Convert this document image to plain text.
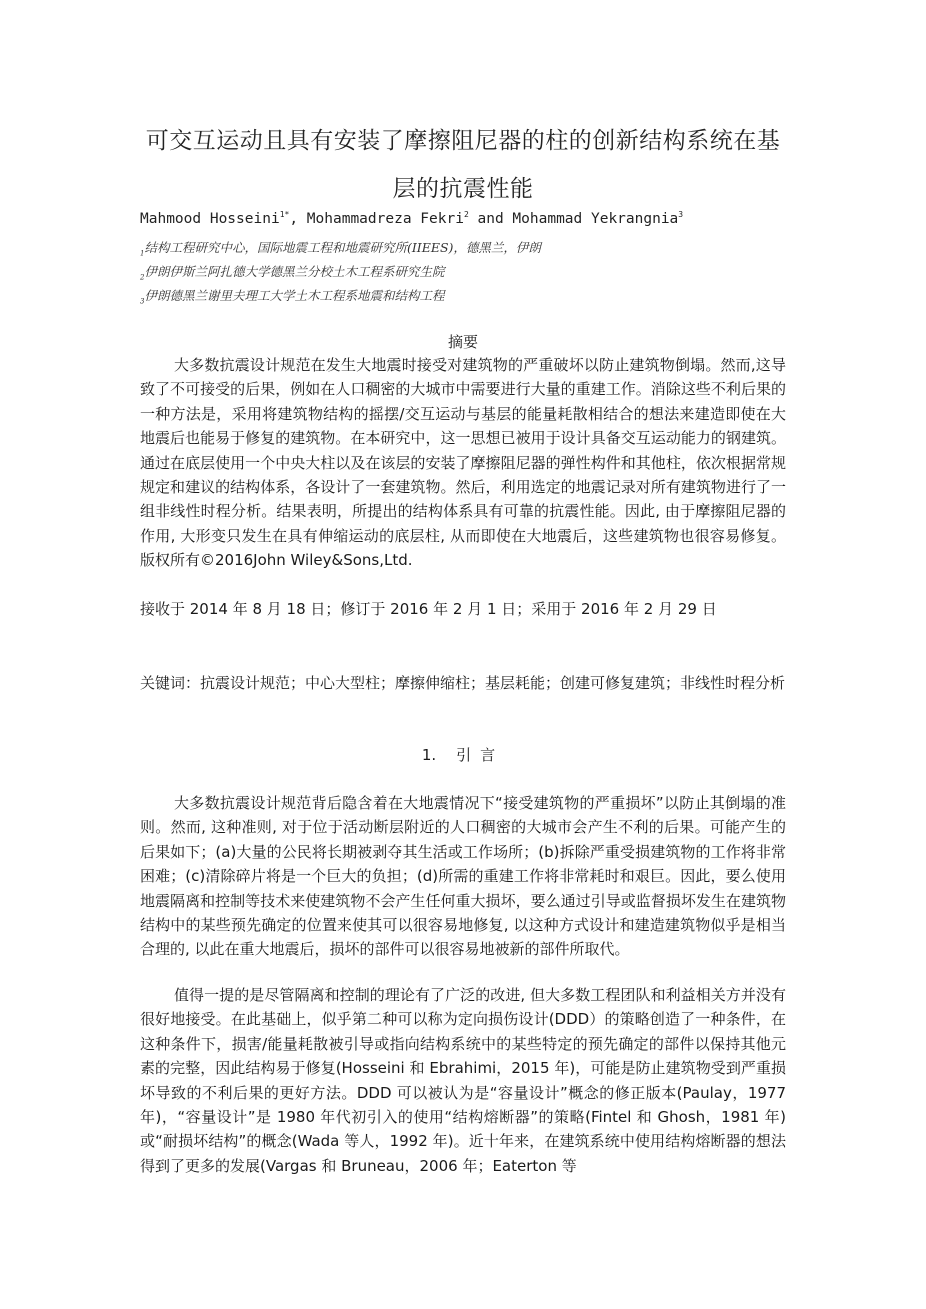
可交互运动且具有安装了摩擦阻尼器的柱的创新结构系统在基
层的抗震性能
Mahmood Hosseini$^{1*}$, Mohammadreza Fekri$^2$ and Mohammad Yekrangnia$^3$
$_1$结构工程研究中心，国际地震工程和地震研究所(IIEES)，德黑兰，伊朗
$_2$伊朗伊斯兰阿扎德大学德黑兰分校土木工程系研究生院
$_3$伊朗德黑兰谢里夫理工大学土木工程系地震和结构工程
摘要

大多数抗震设计规范在发生大地震时接受对建筑物的严重破坏以防止建筑物倒塌。然而,这导致了不可接受的后果，例如在人口稠密的大城市中需要进行大量的重建工作。消除这些不利后果的一种方法是，采用将建筑物结构的摇摆/交互运动与基层的能量耗散相结合的想法来建造即使在大地震后也能易于修复的建筑物。在本研究中，这一思想已被用于设计具备交互运动能力的钢建筑。通过在底层使用一个中央大柱以及在该层的安装了摩擦阻尼器的弹性构件和其他柱，依次根据常规规定和建议的结构体系，各设计了一套建筑物。然后，利用选定的地震记录对所有建筑物进行了一组非线性时程分析。结果表明，所提出的结构体系具有可靠的抗震性能。因此, 由于摩擦阻尼器的作用, 大形变只发生在具有伸缩运动的底层柱, 从而即使在大地震后，这些建筑物也很容易修复。 版权所有©2016John Wiley&Sons,Ltd.

接收于 2014 年 8 月 18 日；修订于 2016 年 2 月 1 日；采用于 2016 年 2 月 29 日

关键词：抗震设计规范；中心大型柱；摩擦伸缩柱；基层耗能；创建可修复建筑；非线性时程分析

1. 引言

大多数抗震设计规范背后隐含着在大地震情况下“接受建筑物的严重损坏”以防止其倒塌的准则。然而, 这种准则, 对于位于活动断层附近的人口稠密的大城市会产生不利的后果。可能产生的后果如下；(a)大量的公民将长期被剥夺其生活或工作场所；(b)拆除严重受损建筑物的工作将非常困难；(c)清除碎片将是一个巨大的负担；(d)所需的重建工作将非常耗时和艰巨。因此，要么使用地震隔离和控制等技术来使建筑物不会产生任何重大损坏，要么通过引导或监督损坏发生在建筑物结构中的某些预先确定的位置来使其可以很容易地修复, 以这种方式设计和建造建筑物似乎是相当合理的, 以此在重大地震后，损坏的部件可以很容易地被新的部件所取代。

值得一提的是尽管隔离和控制的理论有了广泛的改进, 但大多数工程团队和利益相关方并没有很好地接受。在此基础上，似乎第二种可以称为定向损伤设计(DDD）的策略创造了一种条件，在这种条件下，损害/能量耗散被引导或指向结构系统中的某些特定的预先确定的部件以保持其他元素的完整，因此结构易于修复(Hosseini 和 Ebrahimi，2015 年)，可能是防止建筑物受到严重损坏导致的不利后果的更好方法。DDD 可以被认为是“容量设计”概念的修正版本(Paulay，1977 年)，“容量设计”是 1980 年代初引入的使用“结构熔断器”的策略(Fintel 和 Ghosh，1981 年)或“耐损坏结构”的概念(Wada 等人，1992 年)。近十年来，在建筑系统中使用结构熔断器的想法得到了更多的发展(Vargas 和 Bruneau，2006 年；Eaterton 等
